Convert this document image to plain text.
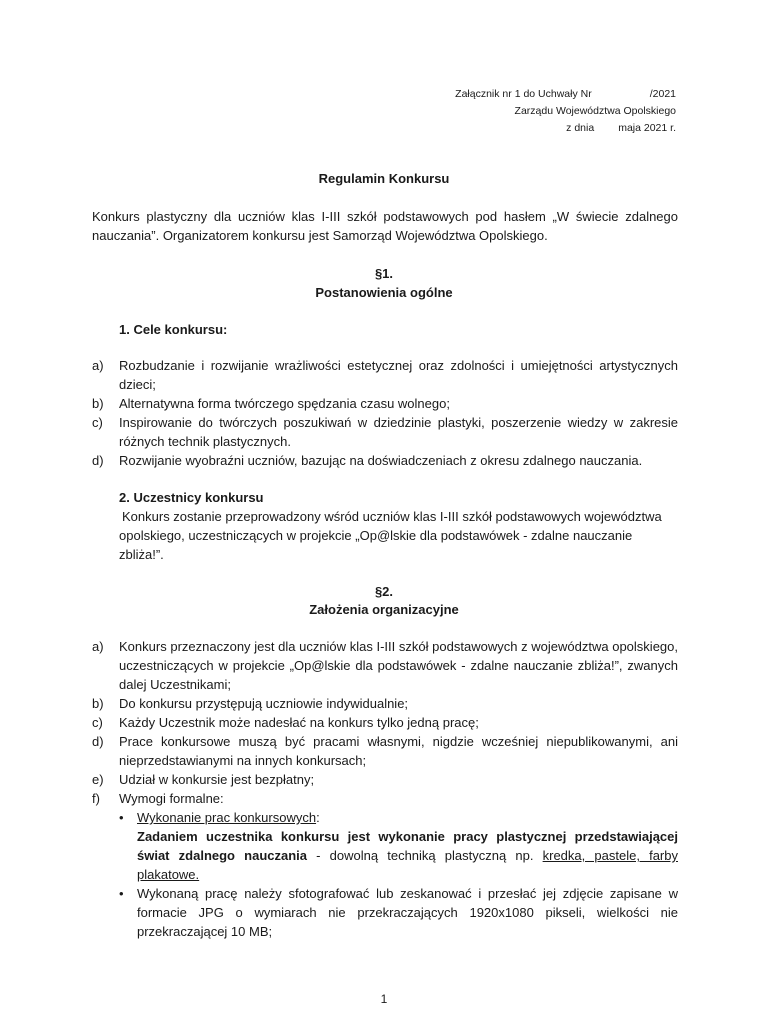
Załącznik nr 1 do Uchwały Nr	/2021
Zarządu Województwa Opolskiego
z dnia maja 2021 r.
Regulamin Konkursu
Konkurs plastyczny dla uczniów klas I-III szkół podstawowych pod hasłem „W świecie zdalnego nauczania”. Organizatorem konkursu jest Samorząd Województwa Opolskiego.
§1.
Postanowienia ogólne
1. Cele konkursu:
a) Rozbudzanie i rozwijanie wrażliwości estetycznej oraz zdolności i umiejętności artystycznych dzieci;
b) Alternatywna forma twórczego spędzania czasu wolnego;
c) Inspirowanie do twórczych poszukiwań w dziedzinie plastyki, poszerzenie wiedzy w zakresie różnych technik plastycznych.
d) Rozwijanie wyobraźni uczniów, bazując na doświadczeniach z okresu zdalnego nauczania.
2. Uczestnicy konkursu
Konkurs zostanie przeprowadzony wśród uczniów klas I-III szkół podstawowych województwa opolskiego, uczestniczących w projekcie „Op@lskie dla podstawówek - zdalne nauczanie zbliża!”.
§2.
Założenia organizacyjne
a) Konkurs przeznaczony jest dla uczniów klas I-III szkół podstawowych z województwa opolskiego, uczestniczących w projekcie „Op@lskie dla podstawówek - zdalne nauczanie zbliża!”, zwanych dalej Uczestnikami;
b) Do konkursu przystępują uczniowie indywidualnie;
c) Każdy Uczestnik może nadesłać na konkurs tylko jedną pracę;
d) Prace konkursowe muszą być pracami własnymi, nigdzie wcześniej niepublikowanymi, ani nieprzedstawianymi na innych konkursach;
e) Udział w konkursie jest bezpłatny;
f) Wymogi formalne:
• Wykonanie prac konkursowych:
Zadaniem uczestnika konkursu jest wykonanie pracy plastycznej przedstawiającej świat zdalnego nauczania - dowolną techniką plastyczną np. kredka, pastele, farby plakatowe.
• Wykonaną pracę należy sfotografować lub zeskanować i przesłać jej zdjęcie zapisane w formacie JPG o wymiarach nie przekraczających 1920x1080 pikseli, wielkości nie przekraczającej 10 MB;
1
